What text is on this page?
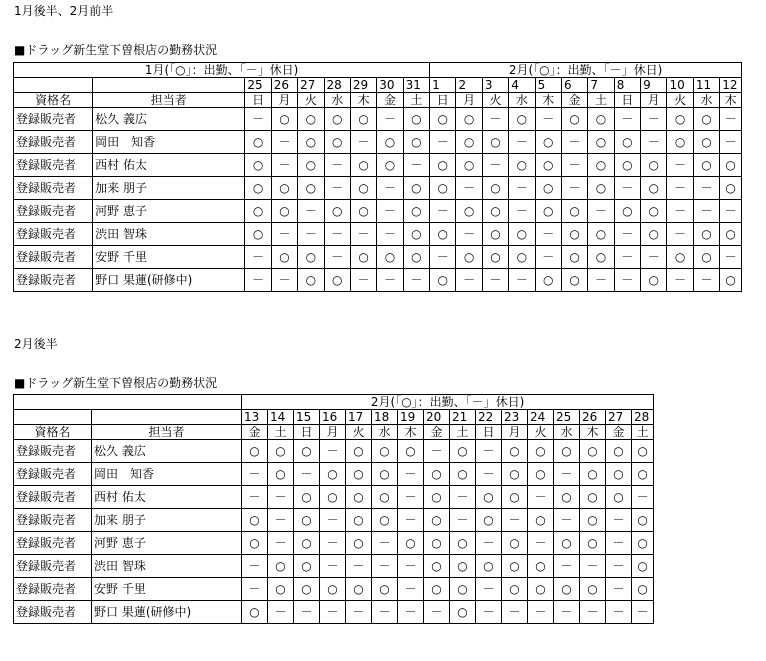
1月後半、2月前半
■ドラッグ新生堂下曽根店の勤務状況
1月(「○」：出勤、「－」休日)									2月(「○」：出勤、「－」休日)											
		25	26	27	28	29	30	31	1	2	3	4	5	6	7	8	9	10	11	12
資格名	担当者	日	月	火	水	木	金	土	日	月	火	水	木	金	土	日	月	火	水	木
登録販売者	松久 義広	－	○	○	○	○	－	○	○	○	－	○	－	○	○	－	－	○	○	－
登録販売者	岡田　知香	○	－	○	○	－	○	○	－	○	○	－	○	－	○	○	－	○	○	－
登録販売者	西村 佑太	○	－	○	－	○	○	－	○	○	－	○	○	－	○	○	○	－	○	○
登録販売者	加来 朋子	○	○	○	－	○	－	○	○	－	○	－	○	－	○	－	○	－	－	○
登録販売者	河野 恵子	○	○	－	○	○	－	○	－	○	○	－	○	○	－	○	○	－	－	－
登録販売者	渋田 智珠	○	－	－	－	－	－	○	○	－	○	○	－	○	○	－	○	－	○	○
登録販売者	安野 千里	－	○	○	－	○	○	○	－	○	○	○	－	○	○	－	－	○	○	－
登録販売者	野口 果蓮(研修中)	－	－	○	○	－	－	－	○	－	－	－	○	○	－	－	○	－	－	○
2月後半
■ドラッグ新生堂下曽根店の勤務状況
		2月(「○」：出勤、「－」休日)															
		13	14	15	16	17	18	19	20	21	22	23	24	25	26	27	28
資格名	担当者	金	土	日	月	火	水	木	金	土	日	月	火	水	木	金	土
登録販売者	松久 義広	○	○	○	－	○	○	○	－	○	－	○	○	○	○	○	○
登録販売者	岡田　知香	－	○	－	○	○	○	－	○	○	－	○	○	－	○	○	○
登録販売者	西村 佑太	－	－	○	○	○	○	－	○	－	○	○	－	○	○	○	－
登録販売者	加来 朋子	○	－	○	－	○	○	－	○	－	○	－	○	－	○	－	○
登録販売者	河野 恵子	○	－	○	－	○	－	○	○	○	－	○	－	○	○	－	○
登録販売者	渋田 智珠	－	○	○	－	－	－	－	○	○	○	○	○	－	－	－	○
登録販売者	安野 千里	－	○	○	○	○	○	－	○	○	－	○	○	○	○	－	○
登録販売者	野口 果蓮(研修中)	○	－	－	－	－	－	－	－	○	－	－	－	－	－	－	－
